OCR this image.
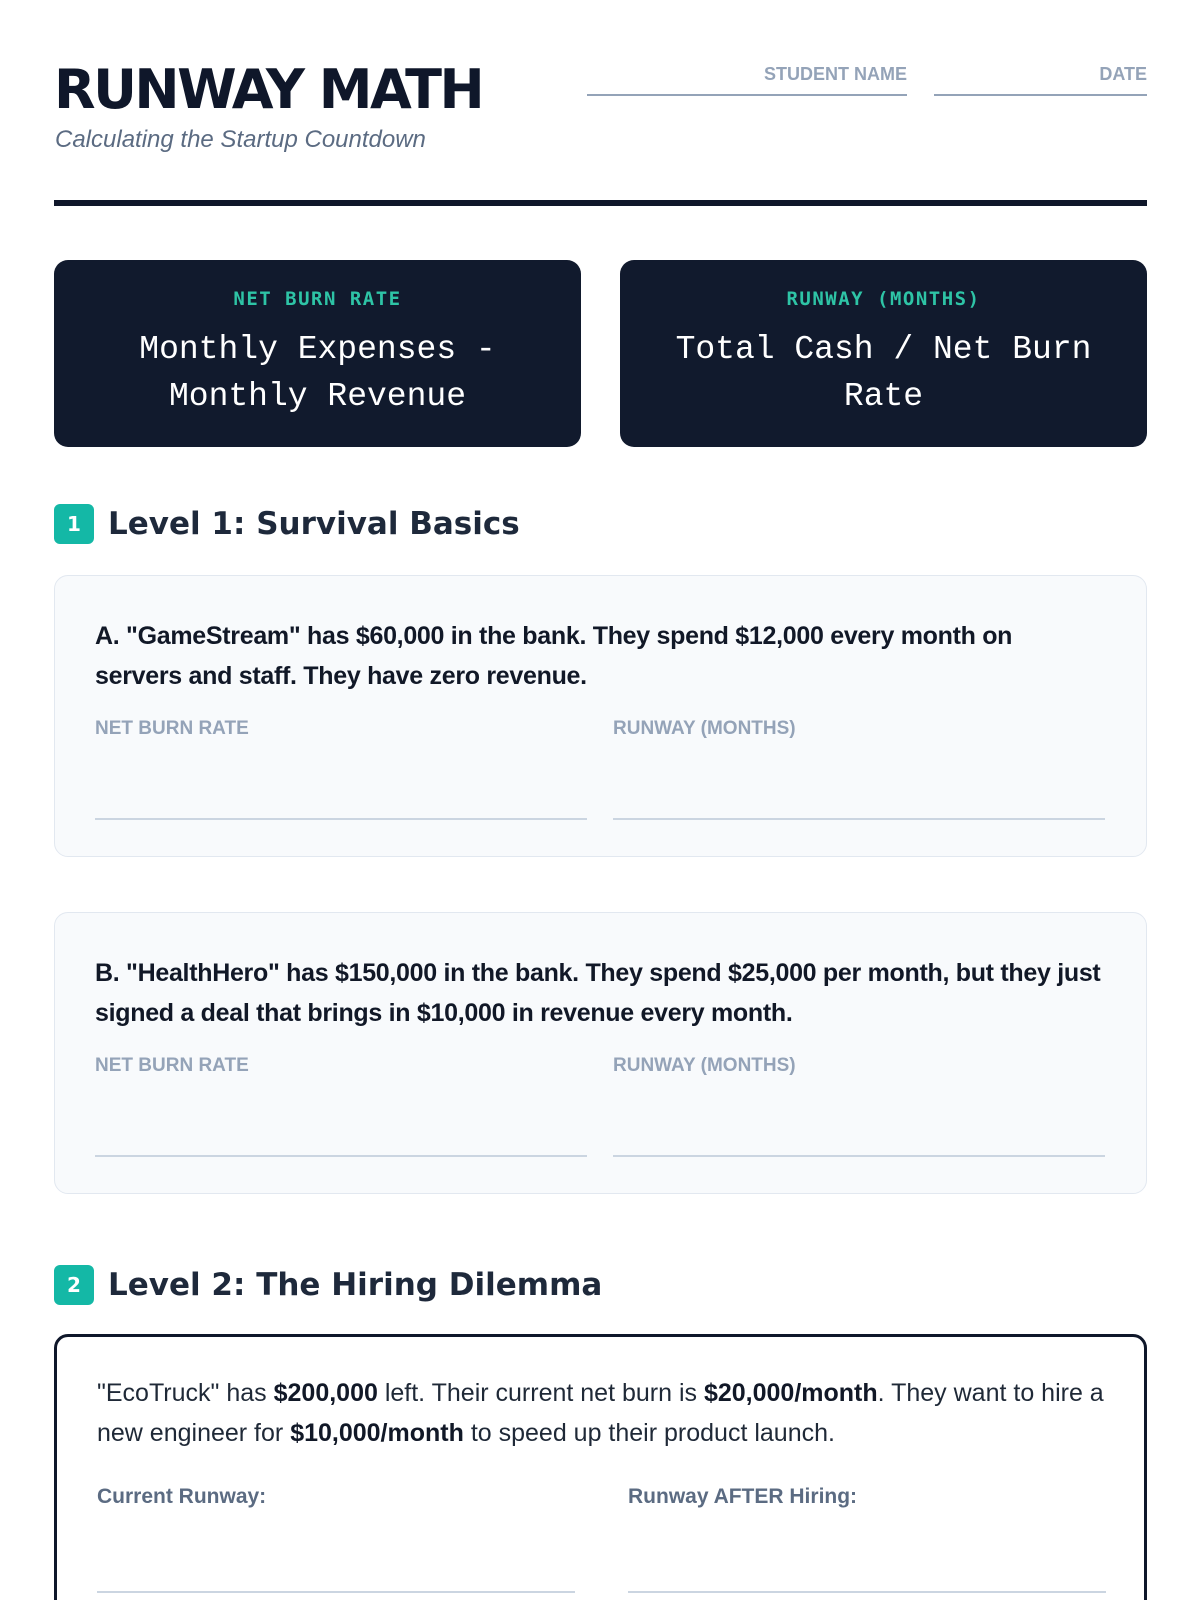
RUNWAY MATH
Calculating the Startup Countdown
STUDENT NAME	DATE
NET BURN RATE
Monthly Expenses - Monthly Revenue
RUNWAY (MONTHS)
Total Cash / Net Burn Rate
1 Level 1: Survival Basics
A. "GameStream" has $60,000 in the bank. They spend $12,000 every month on servers and staff. They have zero revenue.
NET BURN RATE	RUNWAY (MONTHS)
B. "HealthHero" has $150,000 in the bank. They spend $25,000 per month, but they just signed a deal that brings in $10,000 in revenue every month.
NET BURN RATE	RUNWAY (MONTHS)
2 Level 2: The Hiring Dilemma
"EcoTruck" has $200,000 left. Their current net burn is $20,000/month. They want to hire a new engineer for $10,000/month to speed up their product launch.
Current Runway:	Runway AFTER Hiring:
